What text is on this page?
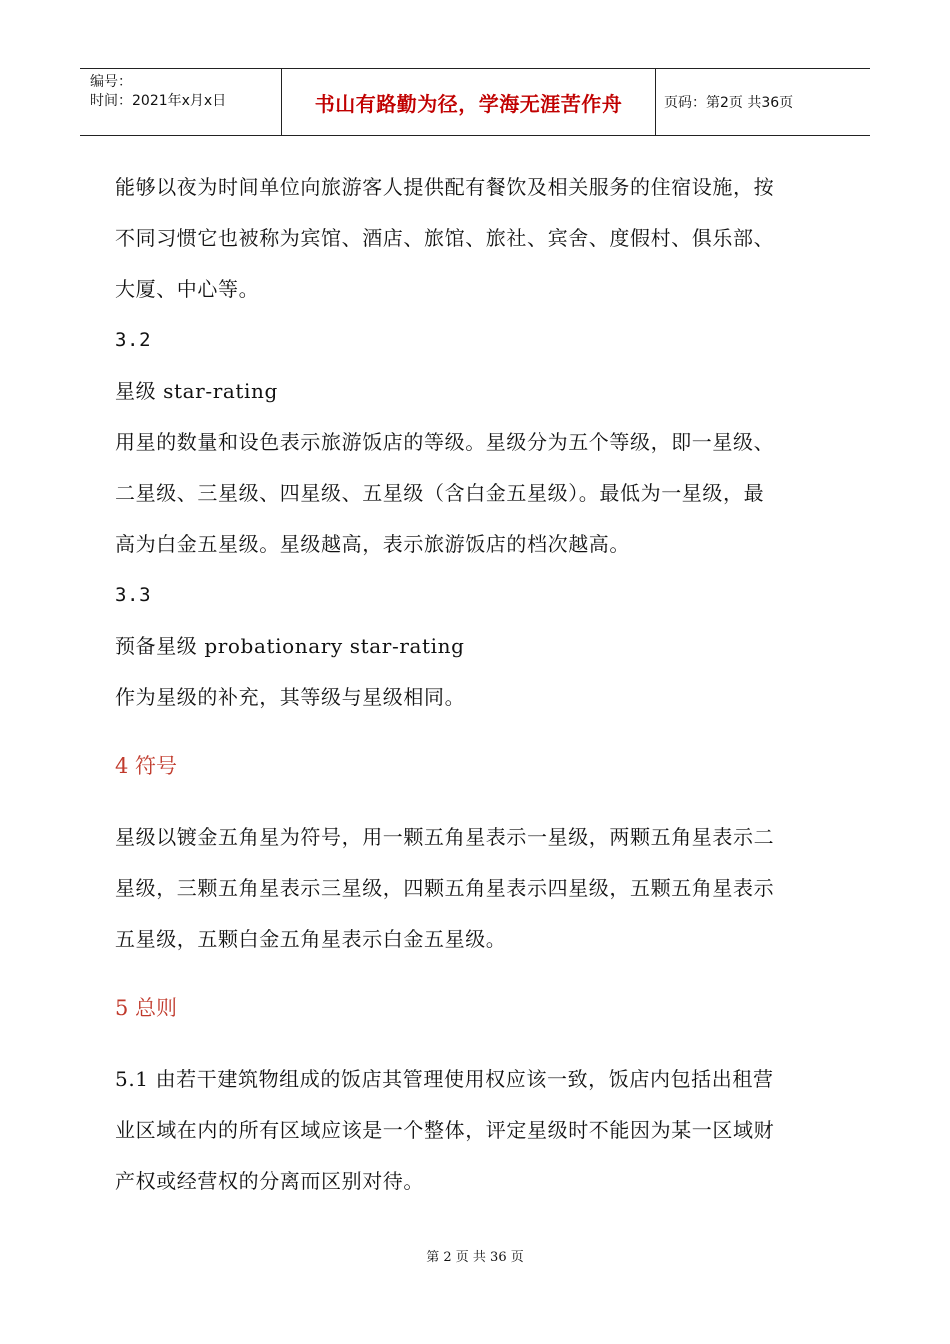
编号：
时间：2021年x月x日	书山有路勤为径，学海无涯苦作舟	页码：第2页 共36页

能够以夜为时间单位向旅游客人提供配有餐饮及相关服务的住宿设施，按

不同习惯它也被称为宾馆、酒店、旅馆、旅社、宾舍、度假村、俱乐部、

大厦、中心等。

3.2

星级 star-rating

用星的数量和设色表示旅游饭店的等级。星级分为五个等级，即一星级、

二星级、三星级、四星级、五星级（含白金五星级）。最低为一星级，最

高为白金五星级。星级越高，表示旅游饭店的档次越高。

3.3

预备星级 probationary star-rating

作为星级的补充，其等级与星级相同。

4 符号

星级以镀金五角星为符号，用一颗五角星表示一星级，两颗五角星表示二

星级，三颗五角星表示三星级，四颗五角星表示四星级，五颗五角星表示

五星级，五颗白金五角星表示白金五星级。

5 总则

5.1 由若干建筑物组成的饭店其管理使用权应该一致，饭店内包括出租营

业区域在内的所有区域应该是一个整体，评定星级时不能因为某一区域财

产权或经营权的分离而区别对待。

第 2 页 共 36 页
